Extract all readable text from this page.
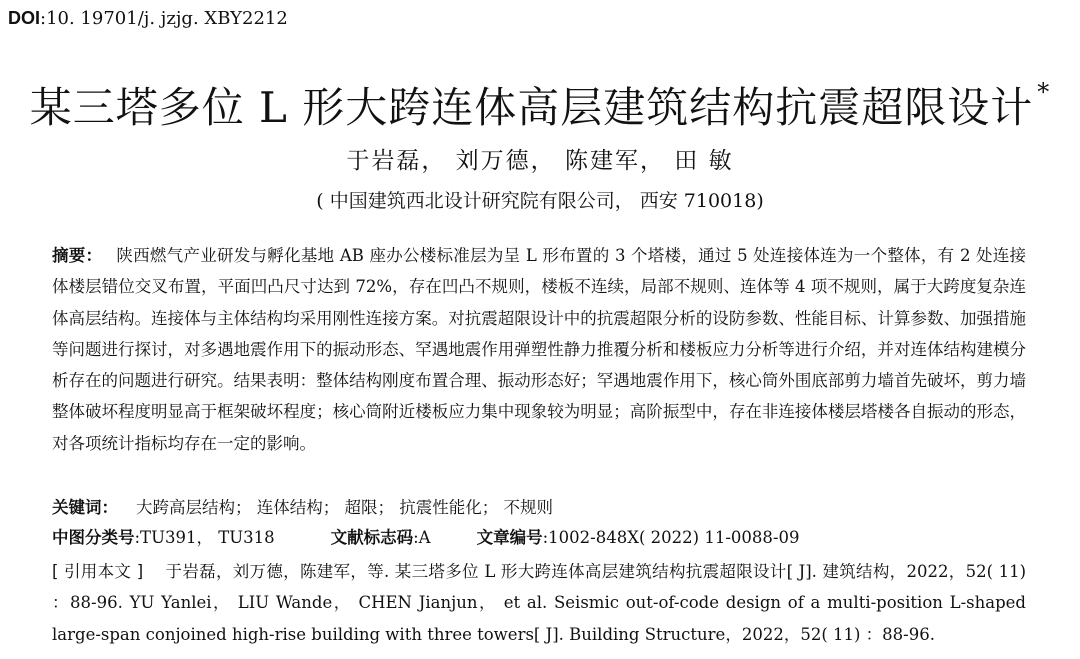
DOI:10. 19701/j. jzjg. XBY2212
某三塔多位 L 形大跨连体高层建筑结构抗震超限设计 *
于岩磊， 刘万德， 陈建军， 田 敏
( 中国建筑西北设计研究院有限公司， 西安 710018)
摘要： 陕西燃气产业研发与孵化基地 AB 座办公楼标准层为呈 L 形布置的 3 个塔楼，通过 5 处连接体连为一个整体，有 2 处连接体楼层错位交叉布置，平面凹凸尺寸达到 72%，存在凹凸不规则，楼板不连续，局部不规则、连体等 4 项不规则，属于大跨度复杂连体高层结构。连接体与主体结构均采用刚性连接方案。对抗震超限设计中的抗震超限分析的设防参数、性能目标、计算参数、加强措施等问题进行探讨，对多遇地震作用下的振动形态、罕遇地震作用弹塑性静力推覆分析和楼板应力分析等进行介绍，并对连体结构建模分析存在的问题进行研究。结果表明：整体结构刚度布置合理、振动形态好；罕遇地震作用下，核心筒外围底部剪力墙首先破坏，剪力墙整体破坏程度明显高于框架破坏程度；核心筒附近楼板应力集中现象较为明显；高阶振型中，存在非连接体楼层塔楼各自振动的形态，对各项统计指标均存在一定的影响。
关键词： 大跨高层结构； 连体结构； 超限； 抗震性能化； 不规则
中图分类号:TU391， TU318	文献标志码:A	文章编号:1002-848X( 2022) 11-0088-09
[ 引用本文 ] 于岩磊，刘万德，陈建军，等. 某三塔多位 L 形大跨连体高层建筑结构抗震超限设计[ J]. 建筑结构，2022，52( 11) ：88-96. YU Yanlei， LIU Wande， CHEN Jianjun， et al. Seismic out-of-code design of a multi-position L-shaped large-span conjoined high-rise building with three towers[ J]. Building Structure，2022，52( 11) ：88-96.
